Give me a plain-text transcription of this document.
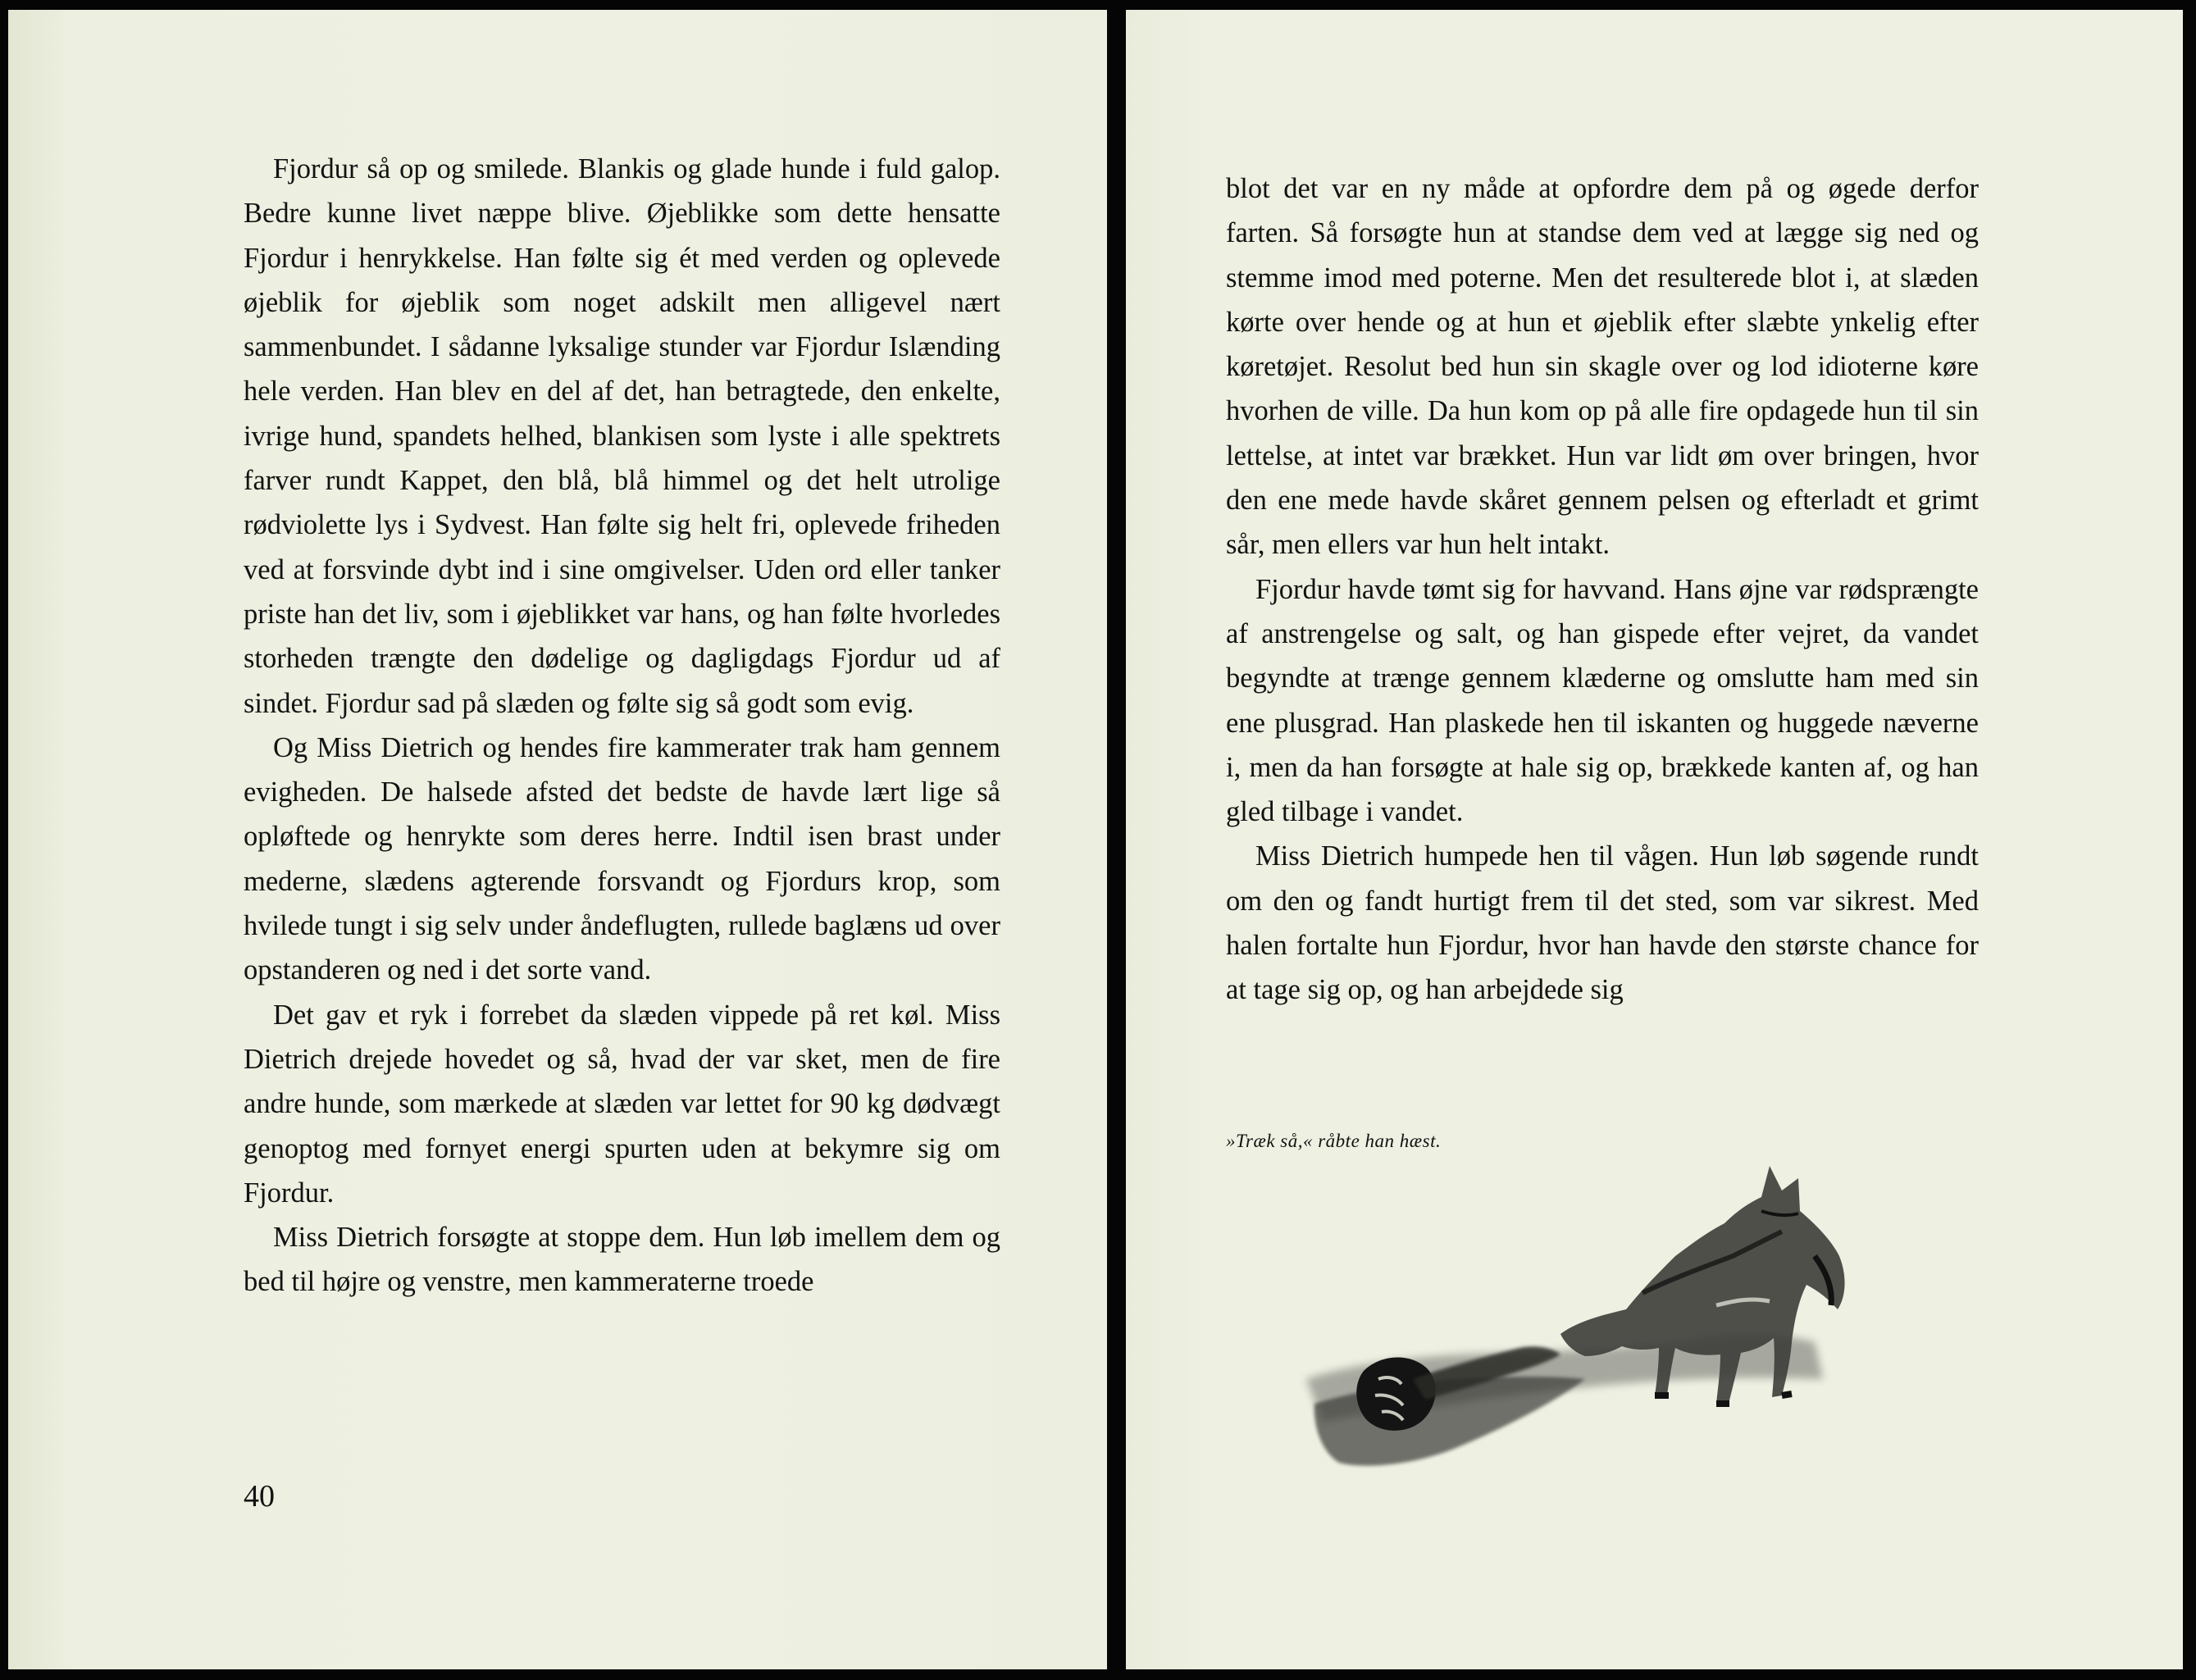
Fjordur så op og smilede. Blankis og glade hunde i fuld galop. Bedre kunne livet næppe blive. Øjeblikke som dette hensatte Fjordur i henrykkelse. Han følte sig ét med verden og oplevede øjeblik for øjeblik som noget adskilt men alligevel nært sammenbundet. I sådanne lyksalige stunder var Fjordur Islænding hele verden. Han blev en del af det, han betragtede, den enkelte, ivrige hund, spandets helhed, blankisen som lyste i alle spektrets farver rundt Kappet, den blå, blå himmel og det helt utrolige rødviolette lys i Sydvest. Han følte sig helt fri, oplevede friheden ved at forsvinde dybt ind i sine omgivelser. Uden ord eller tanker priste han det liv, som i øjeblikket var hans, og han følte hvorledes storheden trængte den dødelige og dagligdags Fjordur ud af sindet. Fjordur sad på slæden og følte sig så godt som evig.

Og Miss Dietrich og hendes fire kammerater trak ham gennem evigheden. De halsede afsted det bedste de havde lært lige så opløftede og henrykte som deres herre. Indtil isen brast under mederne, slædens agterende forsvandt og Fjordurs krop, som hvilede tungt i sig selv under åndeflugten, rullede baglæns ud over opstanderen og ned i det sorte vand.

Det gav et ryk i forrebet da slæden vippede på ret køl. Miss Dietrich drejede hovedet og så, hvad der var sket, men de fire andre hunde, som mærkede at slæden var lettet for 90 kg dødvægt genoptog med fornyet energi spurten uden at bekymre sig om Fjordur.

Miss Dietrich forsøgte at stoppe dem. Hun løb imellem dem og bed til højre og venstre, men kammeraterne troede

40

blot det var en ny måde at opfordre dem på og øgede derfor farten. Så forsøgte hun at standse dem ved at lægge sig ned og stemme imod med poterne. Men det resulterede blot i, at slæden kørte over hende og at hun et øjeblik efter slæbte ynkelig efter køretøjet. Resolut bed hun sin skagle over og lod idioterne køre hvorhen de ville. Da hun kom op på alle fire opdagede hun til sin lettelse, at intet var brækket. Hun var lidt øm over bringen, hvor den ene mede havde skåret gennem pelsen og efterladt et grimt sår, men ellers var hun helt intakt.

Fjordur havde tømt sig for havvand. Hans øjne var rødsprængte af anstrengelse og salt, og han gispede efter vejret, da vandet begyndte at trænge gennem klæderne og omslutte ham med sin ene plusgrad. Han plaskede hen til iskanten og huggede næverne i, men da han forsøgte at hale sig op, brækkede kanten af, og han gled tilbage i vandet.

Miss Dietrich humpede hen til vågen. Hun løb søgende rundt om den og fandt hurtigt frem til det sted, som var sikrest. Med halen fortalte hun Fjordur, hvor han havde den største chance for at tage sig op, og han arbejdede sig

»Træk så,« råbte han hæst.
